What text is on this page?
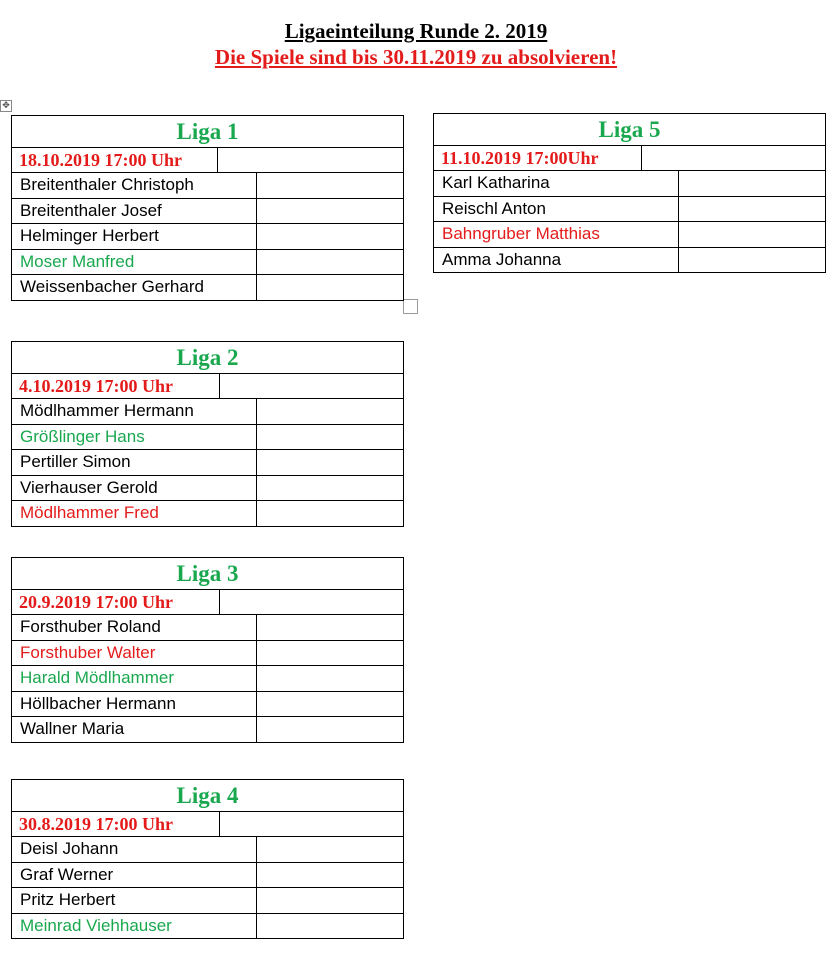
Ligaeinteilung Runde 2. 2019
Die Spiele sind bis 30.11.2019 zu absolvieren!
✥
Liga 1

18.10.2019 17:00 Uhr	

Breitenthaler Christoph	
Breitenthaler Josef	
Helminger Herbert	
Moser Manfred	
Weissenbacher Gerhard	
Liga 2

4.10.2019 17:00 Uhr	

Mödlhammer Hermann	
Größlinger Hans	
Pertiller Simon	
Vierhauser Gerold	
Mödlhammer Fred	
Liga 3

20.9.2019 17:00 Uhr	

Forsthuber Roland	
Forsthuber Walter	
Harald Mödlhammer	
Höllbacher Hermann	
Wallner Maria	
Liga 4

30.8.2019 17:00 Uhr	

Deisl Johann	
Graf Werner	
Pritz Herbert	
Meinrad Viehhauser	
Liga 5

11.10.2019 17:00Uhr	

Karl Katharina	
Reischl Anton	
Bahngruber Matthias	
Amma Johanna	
